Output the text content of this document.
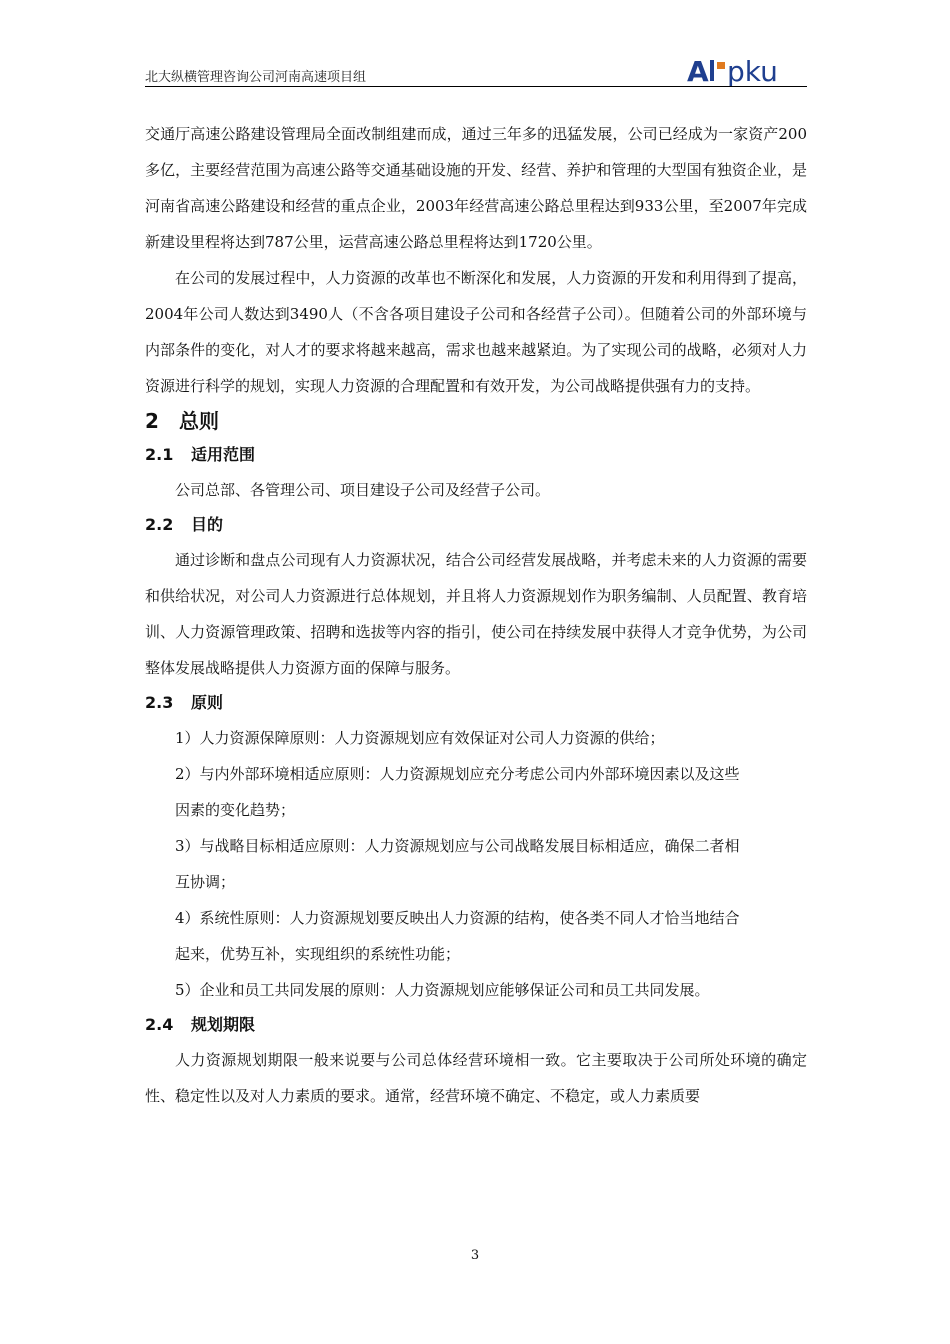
北大纵横管理咨询公司河南高速项目组	A pku

交通厅高速公路建设管理局全面改制组建而成，通过三年多的迅猛发展，公司已经成为一家资产200多亿，主要经营范围为高速公路等交通基础设施的开发、经营、养护和管理的大型国有独资企业，是河南省高速公路建设和经营的重点企业，2003年经营高速公路总里程达到933公里，至2007年完成新建设里程将达到787公里，运营高速公路总里程将达到1720公里。

在公司的发展过程中，人力资源的改革也不断深化和发展，人力资源的开发和利用得到了提高，2004年公司人数达到3490人（不含各项目建设子公司和各经营子公司）。但随着公司的外部环境与内部条件的变化，对人才的要求将越来越高，需求也越来越紧迫。为了实现公司的战略，必须对人力资源进行科学的规划，实现人力资源的合理配置和有效开发，为公司战略提供强有力的支持。

2 总则
2.1 适用范围

公司总部、各管理公司、项目建设子公司及经营子公司。

2.2 目的

通过诊断和盘点公司现有人力资源状况，结合公司经营发展战略，并考虑未来的人力资源的需要和供给状况，对公司人力资源进行总体规划，并且将人力资源规划作为职务编制、人员配置、教育培训、人力资源管理政策、招聘和选拔等内容的指引，使公司在持续发展中获得人才竞争优势，为公司整体发展战略提供人力资源方面的保障与服务。

2.3 原则

1）人力资源保障原则：人力资源规划应有效保证对公司人力资源的供给；

2）与内外部环境相适应原则：人力资源规划应充分考虑公司内外部环境因素以及这些
因素的变化趋势；

3）与战略目标相适应原则：人力资源规划应与公司战略发展目标相适应，确保二者相
互协调；

4）系统性原则：人力资源规划要反映出人力资源的结构，使各类不同人才恰当地结合
起来，优势互补，实现组织的系统性功能；

5）企业和员工共同发展的原则：人力资源规划应能够保证公司和员工共同发展。

2.4 规划期限

人力资源规划期限一般来说要与公司总体经营环境相一致。它主要取决于公司所处环境的确定性、稳定性以及对人力素质的要求。通常，经营环境不确定、不稳定，或人力素质要

3
